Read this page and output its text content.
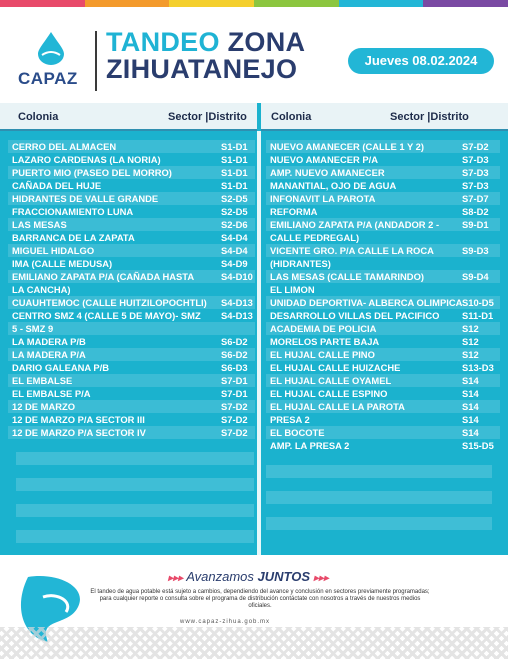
CAPAZ
TANDEO ZONA
ZIHUATANEJO	Jueves 08.02.2024
Colonia	Sector |Distrito Colonia	Sector |Distrito
CERRO DEL ALMACEN	S1-D1
LAZARO CARDENAS (LA NORIA)	S1-D1
PUERTO MIO (PASEO DEL MORRO)	S1-D1
CAÑADA DEL HUJE	S1-D1
HIDRANTES DE VALLE GRANDE	S2-D5
FRACCIONAMIENTO LUNA	S2-D5
LAS MESAS	S2-D6
BARRANCA DE LA ZAPATA	S4-D4
MIGUEL HIDALGO	S4-D4
IMA (CALLE MEDUSA)	S4-D9
EMILIANO ZAPATA P/A (CAÑADA HASTA	S4-D10
LA CANCHA)
CUAUHTEMOC (CALLE HUITZILOPOCHTLI) S4-D13
CENTRO SMZ 4 (CALLE 5 DE MAYO)- SMZ S4-D13
5 - SMZ 9
LA MADERA P/B	S6-D2
LA MADERA P/A	S6-D2
DARIO GALEANA P/B	S6-D3
EL EMBALSE	S7-D1
EL EMBALSE P/A	S7-D1
12 DE MARZO	S7-D2
12 DE MARZO P/A SECTOR III	S7-D2
12 DE MARZO P/A SECTOR IV	S7-D2
NUEVO AMANECER (CALLE 1 Y 2)	S7-D2
NUEVO AMANECER P/A	S7-D3
AMP. NUEVO AMANECER	S7-D3
MANANTIAL, OJO DE AGUA	S7-D3
INFONAVIT LA PAROTA	S7-D7
REFORMA	S8-D2
EMILIANO ZAPATA P/A (ANDADOR 2 - S9-D1
CALLE PEDREGAL)
VICENTE GRO. P/A CALLE LA ROCA	S9-D3
(HIDRANTES)
LAS MESAS (CALLE TAMARINDO)	S9-D4
EL LIMON
UNIDAD DEPORTIVA- ALBERCA OLIMPICA S10-D5
DESARROLLO VILLAS DEL PACIFICO S11-D1
ACADEMIA DE POLICIA	S12
MORELOS PARTE BAJA	S12
EL HUJAL CALLE PINO	S12
EL HUJAL CALLE HUIZACHE	S13-D3
EL HUJAL CALLE OYAMEL	S14
EL HUJAL CALLE ESPINO	S14
EL HUJAL CALLE LA PAROTA	S14
PRESA 2	S14
EL BOCOTE	S14
AMP. LA PRESA 2	S15-D5
▸▸▸ Avanzamos JUNTOS ▸▸▸
El tandeo de agua potable está sujeto a cambios, dependiendo del avance y conclusión en sectores previamente programadas; para cualquier reporte o consulta sobre el programa de distribución contáctate con nosotros a través de nuestros medios oficiales.
www.capaz-zihua.gob.mx
